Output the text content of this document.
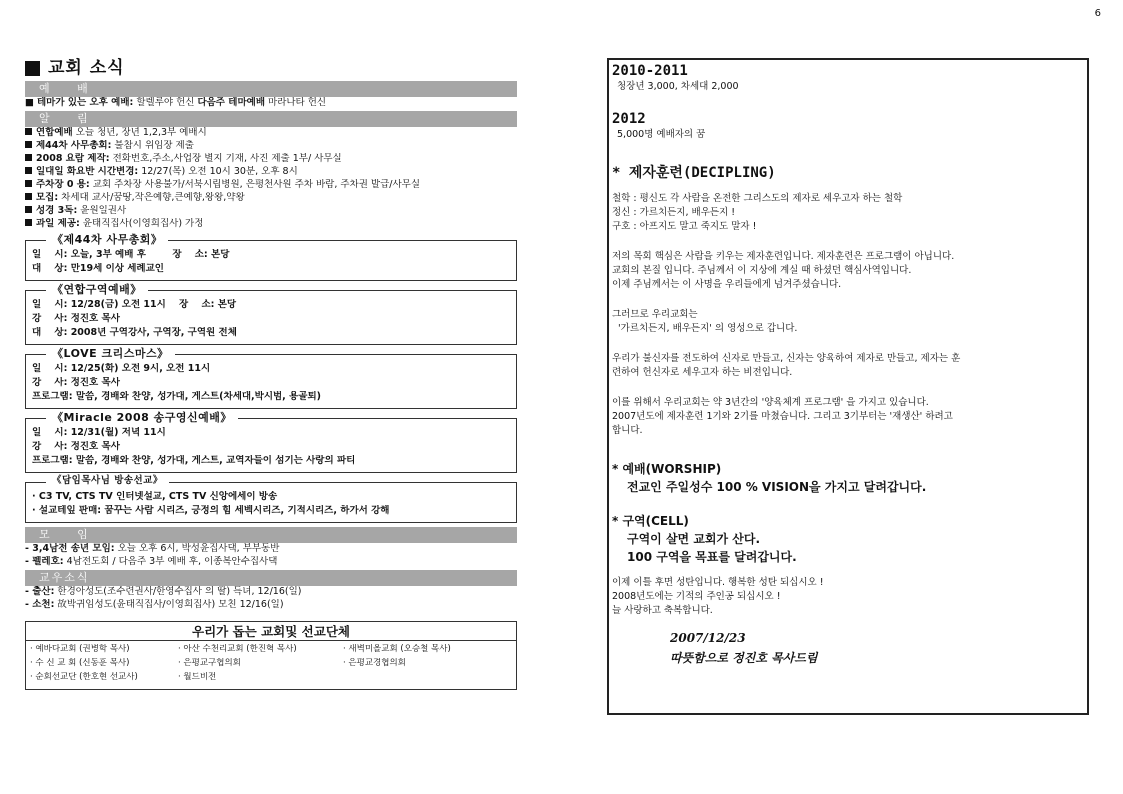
6
교회 소식
예 배
■ 테마가 있는 오후 예배: 할렐루야 헌신 다음주 테마예배 마라나타 헌신
알 림
연합예배 오늘 청년, 장년 1,2,3부 예배시
제44차 사무총회: 불참시 위임장 제출
2008 요람 제작: 전화번호,주소,사업장 별지 기재, 사진 제출 1부/ 사무실
일대일 화요반 시간변경: 12/27(목) 오전 10시 30분, 오후 8시
주차장 0 용: 교회 주차장 사용불가/서북시립병원, 은평천사원 주차 바람, 주차권 발급/사무실
모집: 차세대 교사/꿈땅,작은예향,큰예향,왕왕,약왕
성경 3독: 윤원일권사
과일 제공: 윤태직집사(이영희집사) 가정
《제44차 사무총회》
일    시: 오늘, 3부 예배 후        장    소: 본당
대    상: 만19세 이상 세례교인
《연합구역예배》
일    시: 12/28(금) 오전 11시    장    소: 본당
강    사: 정진호 목사
대    상: 2008년 구역강사, 구역장, 구역원 전체
《LOVE 크리스마스》
일    시: 12/25(화) 오전 9시, 오전 11시
강    사: 정진호 목사
프로그램: 말씀, 경배와 찬양, 성가대, 게스트(차세대,박시범, 용골퇴)
《Miracle 2008 송구영신예배》
일    시: 12/31(월) 저녁 11시
강    사: 정진호 목사
프로그램: 말씀, 경배와 찬양, 성가대, 게스트, 교역자들이 섬기는 사랑의 파티
《담임목사님 방송선교》
· C3 TV, CTS TV 인터넷설교, CTS TV 신앙에세이 방송
· 설교테잎 판매: 꿈꾸는 사람 시리즈, 긍정의 힘 세벡시리즈, 기적시리즈, 하가서 강해
모 임
- 3,4남전 송년 모임: 오늘 오후 6시, 박성윤집사댁, 부부동반
- 펠레호: 4남전도회 / 다음주 3부 예배 후, 이종복안수집사댁
교우소식
- 출산: 한경아성도(조수련권사/한영수집사 의 딸) 득녀, 12/16(일)
- 소천: 故박귀임성도(윤태직집사/이영희집사) 모친 12/16(일)
우리가 돕는 교회및 선교단체
· 예바다교회 (권병학 목사)	· 아산 수천리교회 (한진혁 목사)	· 새벽미올교회 (오승철 목사)
· 수 신 교 회 (신동훈 목사)	· 은평교구협의회	· 은평교경협의회
· 순회선교단 (한호현 선교사)	· 월드비전
2010-2011
청장년 3,000, 차세대 2,000
2012
5,000명 예배자의 꿈
* 제자훈련(DECIPLING)
철학 : 평신도 각 사람을 온전한 그리스도의 제자로 세우고자 하는 철학
정신 : 가르치든지, 배우든지 !
구호 : 아프지도 말고 죽지도 말자 !
저의 목회 핵심은 사람을 키우는 제자훈련입니다. 제자훈련은 프로그램이 아닙니다.
교회의 본질 입니다. 주님께서 이 지상에 계실 때 하셨던 핵심사역입니다.
이제 주님께서는 이 사명을 우리들에게 넘겨주셨습니다.
그러므로 우리교회는
'가르치든지, 배우든지' 의 영성으로 갑니다.
우리가 불신자를 전도하여 신자로 만들고, 신자는 양육하여 제자로 만들고, 제자는 훈
련하여 헌신자로 세우고자 하는 비전입니다.
이를 위해서 우리교회는 약 3년간의 '양육체계 프로그램' 을 가지고 있습니다.
2007년도에 제자훈련 1기와 2기를 마쳤습니다. 그리고 3기부터는 '재생산' 하려고
합니다.
* 예배(WORSHIP)
전교인 주일성수 100 % VISION을 가지고 달려갑니다.
* 구역(CELL)
구역이 살면 교회가 산다.
100 구역을 목표를 달려갑니다.
이제 이틀 후면 성탄입니다. 행복한 성탄 되십시오 !
2008년도에는 기적의 주인공 되십시오 !
늘 사랑하고 축복합니다.
2007/12/23
따뜻함으로 정진호 목사드림
